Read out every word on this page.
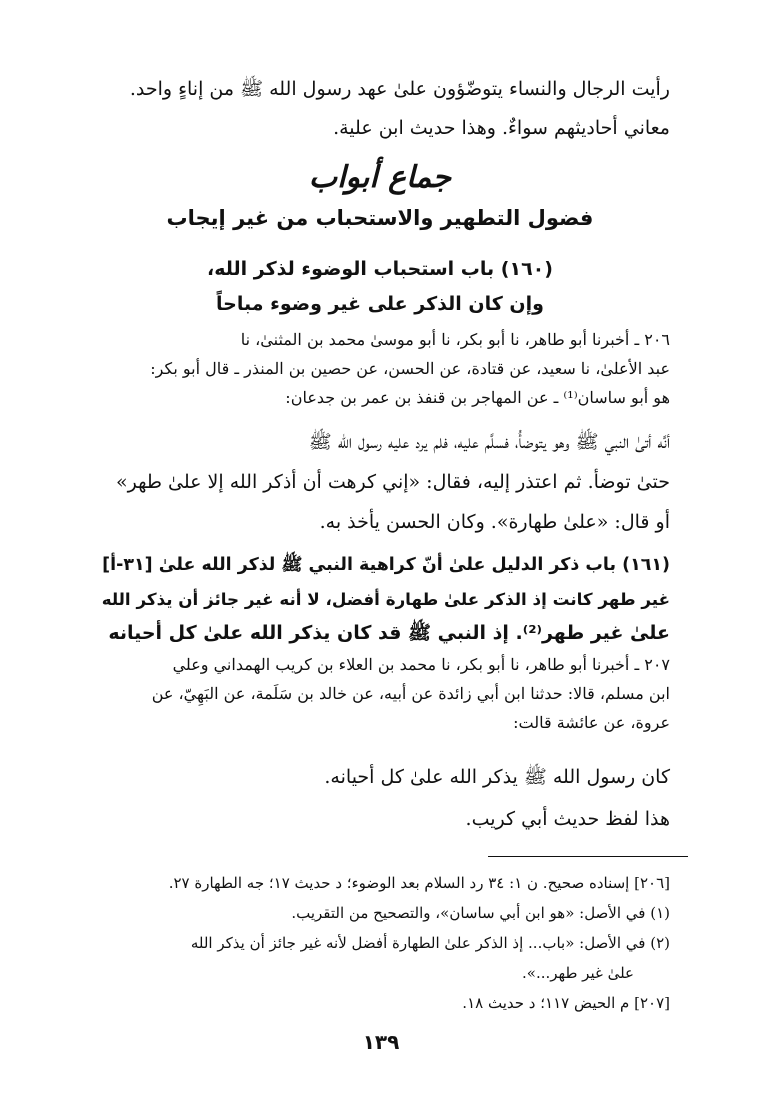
رأيت الرجال والنساء يتوضّؤون علىٰ عهد رسول الله ﷺ من إناءٍ واحد.
معاني أحاديثهم سواءٌ. وهذا حديث ابن علية.
جماع أبواب
فضول التطهير والاستحباب من غير إيجاب
(١٦٠) باب استحباب الوضوء لذكر الله،
وإن كان الذكر على غير وضوء مباحاً
٢٠٦ ـ أخبرنا أبو طاهر، نا أبو بكر، نا أبو موسىٰ محمد بن المثنىٰ، نا
عبد الأعلىٰ، نا سعيد، عن قتادة، عن الحسن، عن حصين بن المنذر ـ قال أبو بكر:
هو أبو ساسان⁽¹⁾ ـ عن المهاجر بن قنفذ بن عمر بن جدعان:
أنَّه أتىٰ النبي ﷺ وهو يتوضأُ، فسلَّم عليه، فلم يرد عليه رسول الله ﷺ
حتىٰ توضأ. ثم اعتذر إليه، فقال: «إني كرهت أن أذكر الله إلا علىٰ طهر»
أو قال: «علىٰ طهارة». وكان الحسن يأخذ به.
(١٦١) باب ذكر الدليل علىٰ أنّ كراهية النبي ﷺ لذكر الله علىٰ [٣١-أ]
غير طهر كانت إذ الذكر علىٰ طهارة أفضل، لا أنه غير جائز أن يذكر الله
علىٰ غير طهر⁽²⁾. إذ النبي ﷺ قد كان يذكر الله علىٰ كل أحيانه
٢٠٧ ـ أخبرنا أبو طاهر، نا أبو بكر، نا محمد بن العلاء بن كريب الهمداني وعلي
ابن مسلم، قالا: حدثنا ابن أبي زائدة عن أبيه، عن خالد بن سَلَمة، عن البَهِيّ، عن
عروة، عن عائشة قالت:
كان رسول الله ﷺ يذكر الله علىٰ كل أحيانه.
هذا لفظ حديث أبي كريب.
[٢٠٦] إسناده صحيح. ن ١: ٣٤ رد السلام بعد الوضوء؛ د حديث ١٧؛ جه الطهارة ٢٧.
(١) في الأصل: «هو ابن أبي ساسان»، والتصحيح من التقريب.
(٢) في الأصل: «باب... إذ الذكر علىٰ الطهارة أفضل لأنه غير جائز أن يذكر الله
علىٰ غير طهر...».
[٢٠٧] م الحيض ١١٧؛ د حديث ١٨.
١٣٩
